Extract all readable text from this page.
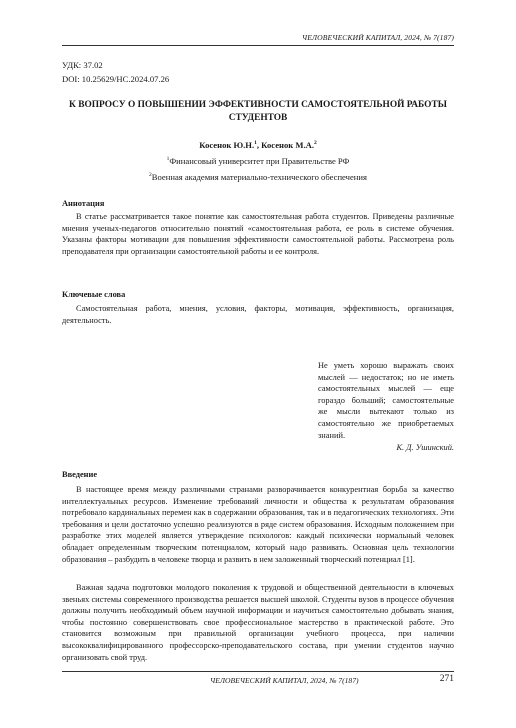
ЧЕЛОВЕЧЕСКИЙ КАПИТАЛ, 2024, № 7(187)
УДК: 37.02
DOI: 10.25629/HC.2024.07.26
К ВОПРОСУ О ПОВЫШЕНИИ ЭФФЕКТИВНОСТИ САМОСТОЯТЕЛЬНОЙ РАБОТЫ СТУДЕНТОВ
Косенок Ю.Н.$^1$, Косенок М.А.$^2$
$^1$Финансовый университет при Правительстве РФ
$^2$Военная академия материально-технического обеспечения
Аннотация

В статье рассматривается такое понятие как самостоятельная работа студентов. Приведены различные мнения ученых-педагогов относительно понятий «самостоятельная работа, ее роль в системе обучения. Указаны факторы мотивации для повышения эффективности самостоятельной работы. Рассмотрена роль преподавателя при организации самостоятельной работы и ее контроля.

Ключевые слова

Самостоятельная работа, мнения, условия, факторы, мотивация, эффективность, организация, деятельность.

Не уметь хорошо выражать своих мыслей — недостаток; но не иметь самостоятельных мыслей — еще гораздо больший; самостоятельные же мысли вытекают только из самостоятельно же приобретаемых знаний.

К. Д. Ушинский.
Введение

В настоящее время между различными странами разворачивается конкурентная борьба за качество интеллектуальных ресурсов. Изменение требований личности и общества к результатам образования потребовало кардинальных перемен как в содержании образования, так и в педагогических технологиях. Эти требования и цели достаточно успешно реализуются в ряде систем образования. Исходным положением при разработке этих моделей является утверждение психологов: каждый психически нормальный человек обладает определенным творческим потенциалом, который надо развивать. Основная цель технологии образования – разбудить в человеке творца и развить в нем заложенный творческий потенциал [1].

Важная задача подготовки молодого поколения к трудовой и общественной деятельности в ключевых звеньях системы современного производства решается высшей школой. Студенты вузов в процессе обучения должны получить необходимый объем научной информации и научиться самостоятельно добывать знания, чтобы постоянно совершенствовать свое профессиональное мастерство в практической работе. Это становится возможным при правильной организации учебного процесса, при наличии высококвалифицированного профессорско-преподавательского состава, при умении студентов научно организовать свой труд.

ЧЕЛОВЕЧЕСКИЙ КАПИТАЛ, 2024, № 7(187)	271
